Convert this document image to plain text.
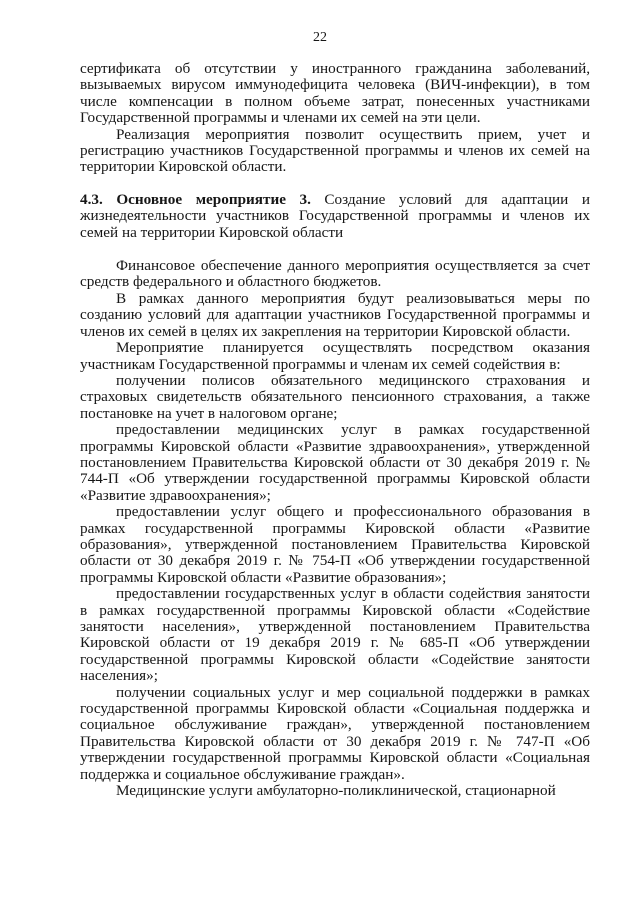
22

сертификата об отсутствии у иностранного гражданина заболеваний, вызываемых вирусом иммунодефицита человека (ВИЧ-инфекции), в том числе компенсации в полном объеме затрат, понесенных участниками Государственной программы и членами их семей на эти цели.

Реализация мероприятия позволит осуществить прием, учет и регистрацию участников Государственной программы и членов их семей на территории Кировской области.

4.3. Основное мероприятие 3. Создание условий для адаптации и жизнедеятельности участников Государственной программы и членов их семей на территории Кировской области

Финансовое обеспечение данного мероприятия осуществляется за счет средств федерального и областного бюджетов.

В рамках данного мероприятия будут реализовываться меры по созданию условий для адаптации участников Государственной программы и членов их семей в целях их закрепления на территории Кировской области.

Мероприятие планируется осуществлять посредством оказания участникам Государственной программы и членам их семей содействия в:

получении полисов обязательного медицинского страхования и страховых свидетельств обязательного пенсионного страхования, а также постановке на учет в налоговом органе;

предоставлении медицинских услуг в рамках государственной программы Кировской области «Развитие здравоохранения», утвержденной постановлением Правительства Кировской области от 30 декабря 2019 г. № 744-П «Об утверждении государственной программы Кировской области «Развитие здравоохранения»;

предоставлении услуг общего и профессионального образования в рамках государственной программы Кировской области «Развитие образования», утвержденной постановлением Правительства Кировской области от 30 декабря 2019 г. № 754-П «Об утверждении государственной программы Кировской области «Развитие образования»;

предоставлении государственных услуг в области содействия занятости в рамках государственной программы Кировской области «Содействие занятости населения», утвержденной постановлением Правительства Кировской области от 19 декабря 2019 г. № 685-П «Об утверждении государственной программы Кировской области «Содействие занятости населения»;

получении социальных услуг и мер социальной поддержки в рамках государственной программы Кировской области «Социальная поддержка и социальное обслуживание граждан», утвержденной постановлением Правительства Кировской области от 30 декабря 2019 г. № 747-П «Об утверждении государственной программы Кировской области «Социальная поддержка и социальное обслуживание граждан».

Медицинские услуги амбулаторно-поликлинической, стационарной
